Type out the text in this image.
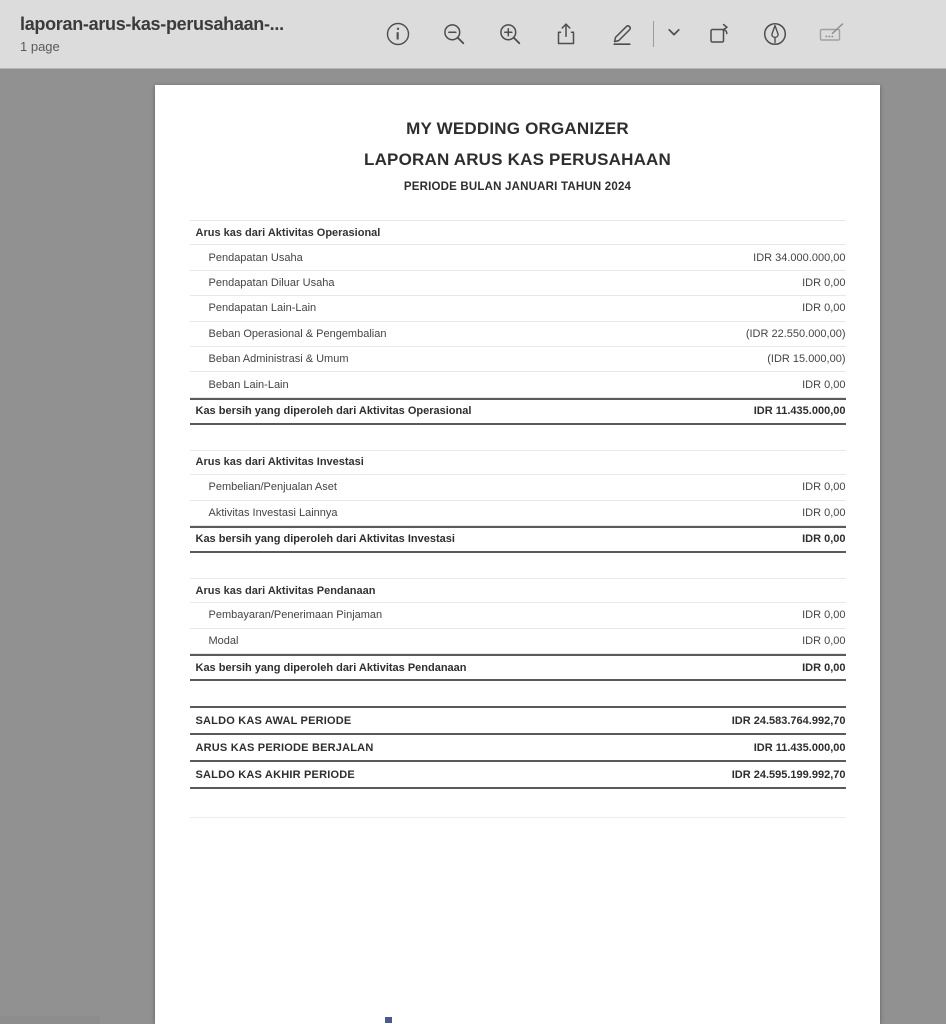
laporan-arus-kas-perusahaan-...
1 page
MY WEDDING ORGANIZER
LAPORAN ARUS KAS PERUSAHAAN
PERIODE BULAN JANUARI TAHUN 2024
Arus kas dari Aktivitas Operasional
Pendapatan Usaha	IDR 34.000.000,00
Pendapatan Diluar Usaha	IDR 0,00
Pendapatan Lain-Lain	IDR 0,00
Beban Operasional & Pengembalian	(IDR 22.550.000,00)
Beban Administrasi & Umum	(IDR 15.000,00)
Beban Lain-Lain	IDR 0,00
Kas bersih yang diperoleh dari Aktivitas Operasional	IDR 11.435.000,00
Arus kas dari Aktivitas Investasi
Pembelian/Penjualan Aset	IDR 0,00
Aktivitas Investasi Lainnya	IDR 0,00
Kas bersih yang diperoleh dari Aktivitas Investasi	IDR 0,00
Arus kas dari Aktivitas Pendanaan
Pembayaran/Penerimaan Pinjaman	IDR 0,00
Modal	IDR 0,00
Kas bersih yang diperoleh dari Aktivitas Pendanaan	IDR 0,00
SALDO KAS AWAL PERIODE	IDR 24.583.764.992,70
ARUS KAS PERIODE BERJALAN	IDR 11.435.000,00
SALDO KAS AKHIR PERIODE	IDR 24.595.199.992,70
